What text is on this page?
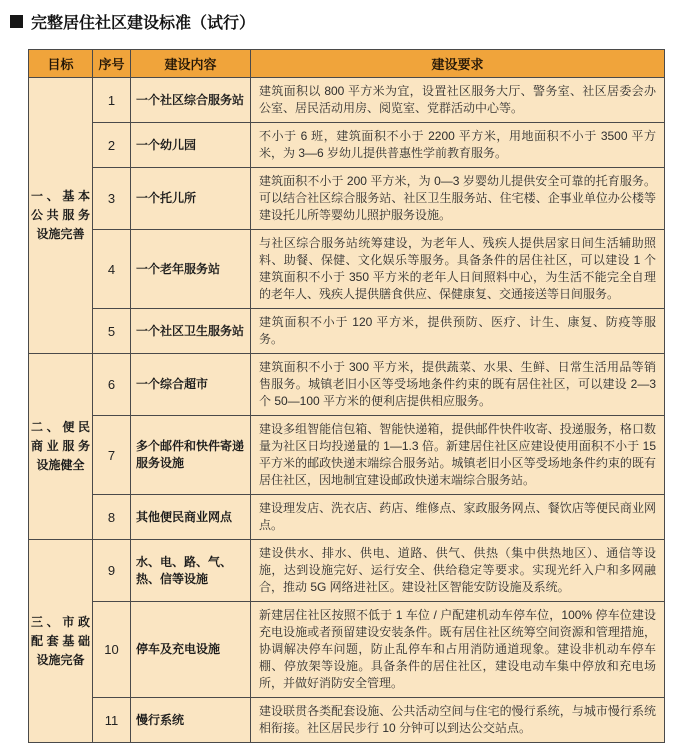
完整居住社区建设标准（试行）
目标	序号	建设内容	建设要求
一、基本公共服务设施完善	1	一个社区综合服务站	建筑面积以 800 平方米为宜，设置社区服务大厅、警务室、社区居委会办公室、居民活动用房、阅览室、党群活动中心等。
	2	一个幼儿园	不小于 6 班，建筑面积不小于 2200 平方米，用地面积不小于 3500 平方米，为 3—6 岁幼儿提供普惠性学前教育服务。
	3	一个托儿所	建筑面积不小于 200 平方米，为 0—3 岁婴幼儿提供安全可靠的托育服务。可以结合社区综合服务站、社区卫生服务站、住宅楼、企事业单位办公楼等建设托儿所等婴幼儿照护服务设施。
	4	一个老年服务站	与社区综合服务站统筹建设，为老年人、残疾人提供居家日间生活辅助照料、助餐、保健、文化娱乐等服务。具备条件的居住社区，可以建设 1 个建筑面积不小于 350 平方米的老年人日间照料中心，为生活不能完全自理的老年人、残疾人提供膳食供应、保健康复、交通接送等日间服务。
	5	一个社区卫生服务站	建筑面积不小于 120 平方米，提供预防、医疗、计生、康复、防疫等服务。
二、便民商业服务设施健全	6	一个综合超市	建筑面积不小于 300 平方米，提供蔬菜、水果、生鲜、日常生活用品等销售服务。城镇老旧小区等受场地条件约束的既有居住社区，可以建设 2—3 个 50—100 平方米的便利店提供相应服务。
	7	多个邮件和快件寄递服务设施	建设多组智能信包箱、智能快递箱，提供邮件快件收寄、投递服务，格口数量为社区日均投递量的 1—1.3 倍。新建居住社区应建设使用面积不小于 15 平方米的邮政快递末端综合服务站。城镇老旧小区等受场地条件约束的既有居住社区，因地制宜建设邮政快递末端综合服务站。
	8	其他便民商业网点	建设理发店、洗衣店、药店、维修点、家政服务网点、餐饮店等便民商业网点。
三、市政配套基础设施完备	9	水、电、路、气、热、信等设施	建设供水、排水、供电、道路、供气、供热（集中供热地区）、通信等设施，达到设施完好、运行安全、供给稳定等要求。实现光纤入户和多网融合，推动 5G 网络进社区。建设社区智能安防设施及系统。
	10	停车及充电设施	新建居住社区按照不低于 1 车位 / 户配建机动车停车位，100% 停车位建设充电设施或者预留建设安装条件。既有居住社区统筹空间资源和管理措施，协调解决停车问题，防止乱停车和占用消防通道现象。建设非机动车停车棚、停放架等设施。具备条件的居住社区，建设电动车集中停放和充电场所，并做好消防安全管理。
	11	慢行系统	建设联贯各类配套设施、公共活动空间与住宅的慢行系统，与城市慢行系统相衔接。社区居民步行 10 分钟可以到达公交站点。
